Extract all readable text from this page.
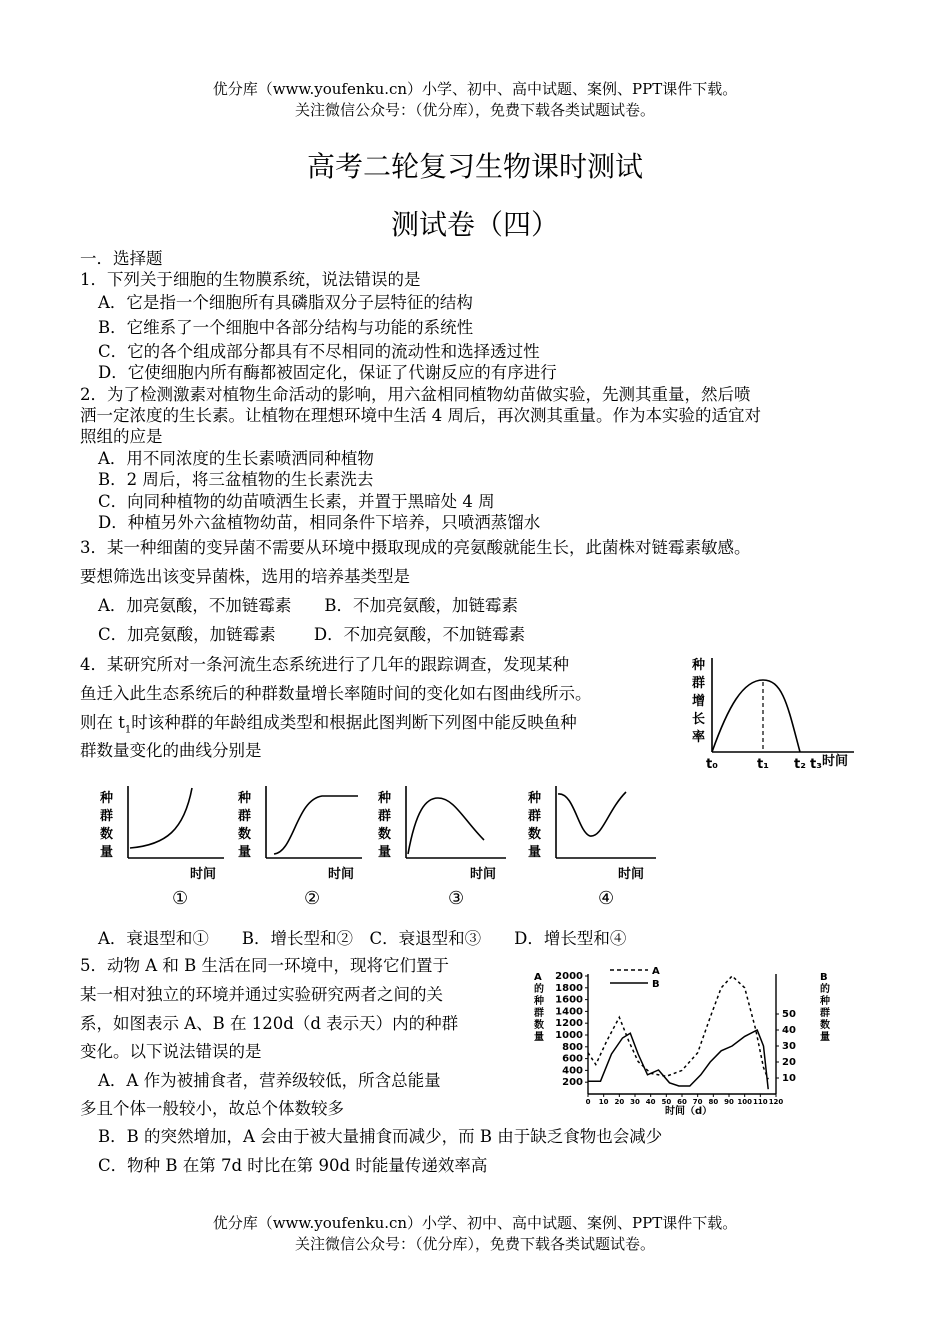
优分库（www.youfenku.cn）小学、初中、高中试题、案例、PPT课件下载。
关注微信公众号：（优分库），免费下载各类试题试卷。
高考二轮复习生物课时测试
测试卷（四）
一．选择题
1．下列关于细胞的生物膜系统，说法错误的是
A．它是指一个细胞所有具磷脂双分子层特征的结构
B．它维系了一个细胞中各部分结构与功能的系统性
C．它的各个组成部分都具有不尽相同的流动性和选择透过性
D．它使细胞内所有酶都被固定化，保证了代谢反应的有序进行
2．为了检测激素对植物生命活动的影响，用六盆相同植物幼苗做实验，先测其重量，然后喷
洒一定浓度的生长素。让植物在理想环境中生活 4 周后，再次测其重量。作为本实验的适宜对
照组的应是
A．用不同浓度的生长素喷洒同种植物
B．2 周后，将三盆植物的生长素洗去
C．向同种植物的幼苗喷洒生长素，并置于黑暗处 4 周
D．种植另外六盆植物幼苗，相同条件下培养，只喷洒蒸馏水
3．某一种细菌的变异菌不需要从环境中摄取现成的亮氨酸就能生长，此菌株对链霉素敏感。
要想筛选出该变异菌株，选用的培养基类型是
A．加亮氨酸，不加链霉素　　B．不加亮氨酸，加链霉素
C．加亮氨酸，加链霉素　　 D．不加亮氨酸，不加链霉素
4．某研究所对一条河流生态系统进行了几年的跟踪调查，发现某种
鱼迁入此生态系统后的种群数量增长率随时间的变化如右图曲线所示。
则在 $t_1$时该种群的年龄组成类型和根据此图判断下列图中能反映鱼种
群数量变化的曲线分别是
种
群
增
长
率
t₀	t₁ t₂ t₃ 时间
种
群
数
量
时间
①
种
群
数
量
时间
②
种
群
数
量
时间
③
种
群
数
量
时间
④
A．衰退型和①　　B．增长型和②　C．衰退型和③　　D．增长型和④
5．动物 A 和 B 生活在同一环境中，现将它们置于
某一相对独立的环境并通过实验研究两者之间的关
系，如图表示 A、B 在 120d（d 表示天）内的种群
变化。以下说法错误的是
A．A 作为被捕食者，营养级较低，所含总能量
多且个体一般较小，故总个体数较多
B．B 的突然增加，A 会由于被大量捕食而减少，而 B 由于缺乏食物也会减少
C．物种 B 在第 7d 时比在第 90d 时能量传递效率高
A
的
种
群
数
量
B
的
种
群
数
量
200
400
600
800
1000
1200
1400
1600
1800
2000
10
20
30
40
50
0 10 20 30 40 50 60 70 80 90 100 110 120
A
B
时间（d）
优分库（www.youfenku.cn）小学、初中、高中试题、案例、PPT课件下载。
关注微信公众号：（优分库），免费下载各类试题试卷。
